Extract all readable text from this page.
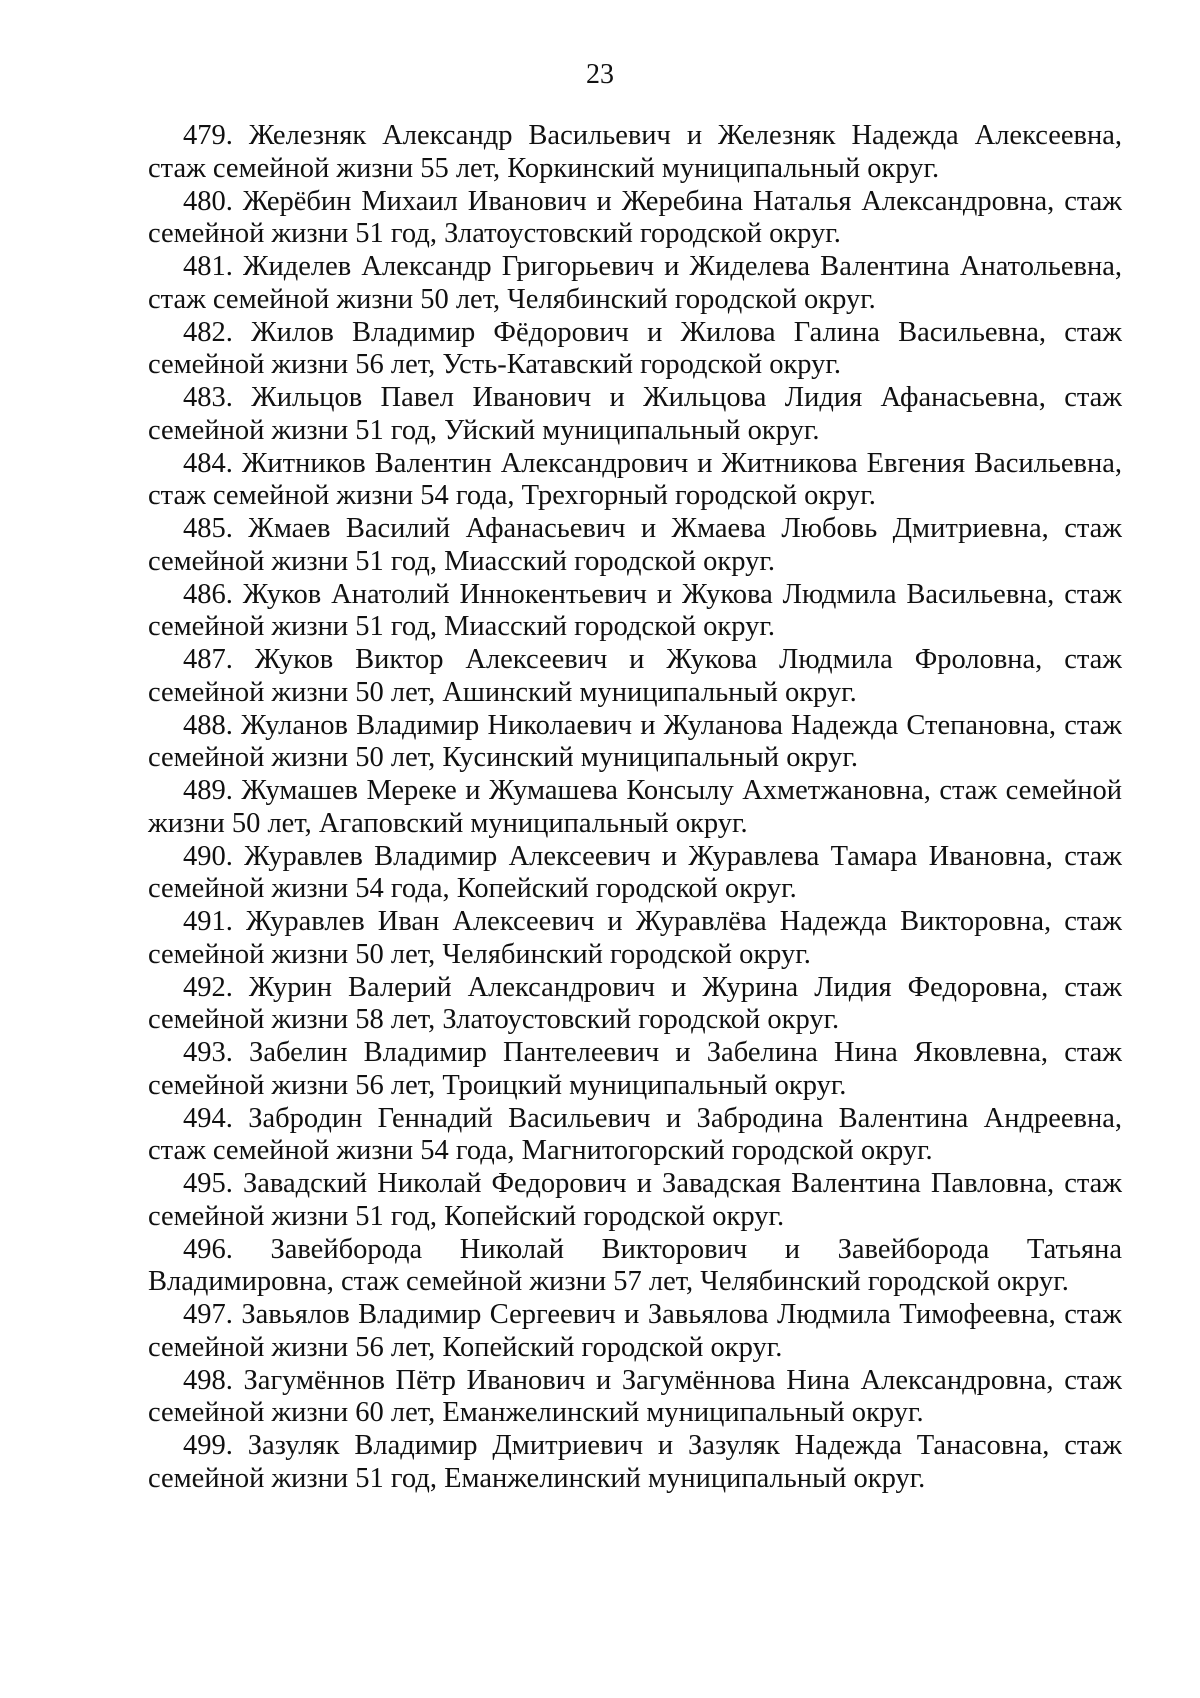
23

479. Железняк Александр Васильевич и Железняк Надежда Алексеевна, стаж семейной жизни 55 лет, Коркинский муниципальный округ.

480. Жерёбин Михаил Иванович и Жеребина Наталья Александровна, стаж семейной жизни 51 год, Златоустовский городской округ.

481. Жиделев Александр Григорьевич и Жиделева Валентина Анатольевна, стаж семейной жизни 50 лет, Челябинский городской округ.

482. Жилов Владимир Фёдорович и Жилова Галина Васильевна, стаж семейной жизни 56 лет, Усть-Катавский городской округ.

483. Жильцов Павел Иванович и Жильцова Лидия Афанасьевна, стаж семейной жизни 51 год, Уйский муниципальный округ.

484. Житников Валентин Александрович и Житникова Евгения Васильевна, стаж семейной жизни 54 года, Трехгорный городской округ.

485. Жмаев Василий Афанасьевич и Жмаева Любовь Дмитриевна, стаж семейной жизни 51 год, Миасский городской округ.

486. Жуков Анатолий Иннокентьевич и Жукова Людмила Васильевна, стаж семейной жизни 51 год, Миасский городской округ.

487. Жуков Виктор Алексеевич и Жукова Людмила Фроловна, стаж семейной жизни 50 лет, Ашинский муниципальный округ.

488. Жуланов Владимир Николаевич и Жуланова Надежда Степановна, стаж семейной жизни 50 лет, Кусинский муниципальный округ.

489. Жумашев Мереке и Жумашева Консылу Ахметжановна, стаж семейной жизни 50 лет, Агаповский муниципальный округ.

490. Журавлев Владимир Алексеевич и Журавлева Тамара Ивановна, стаж семейной жизни 54 года, Копейский городской округ.

491. Журавлев Иван Алексеевич и Журавлёва Надежда Викторовна, стаж семейной жизни 50 лет, Челябинский городской округ.

492. Журин Валерий Александрович и Журина Лидия Федоровна, стаж семейной жизни 58 лет, Златоустовский городской округ.

493. Забелин Владимир Пантелеевич и Забелина Нина Яковлевна, стаж семейной жизни 56 лет, Троицкий муниципальный округ.

494. Забродин Геннадий Васильевич и Забродина Валентина Андреевна, стаж семейной жизни 54 года, Магнитогорский городской округ.

495. Завадский Николай Федорович и Завадская Валентина Павловна, стаж семейной жизни 51 год, Копейский городской округ.

496. Завейборода Николай Викторович и Завейборода Татьяна Владимировна, стаж семейной жизни 57 лет, Челябинский городской округ.

497. Завьялов Владимир Сергеевич и Завьялова Людмила Тимофеевна, стаж семейной жизни 56 лет, Копейский городской округ.

498. Загумённов Пётр Иванович и Загумённова Нина Александровна, стаж семейной жизни 60 лет, Еманжелинский муниципальный округ.

499. Зазуляк Владимир Дмитриевич и Зазуляк Надежда Танасовна, стаж семейной жизни 51 год, Еманжелинский муниципальный округ.
